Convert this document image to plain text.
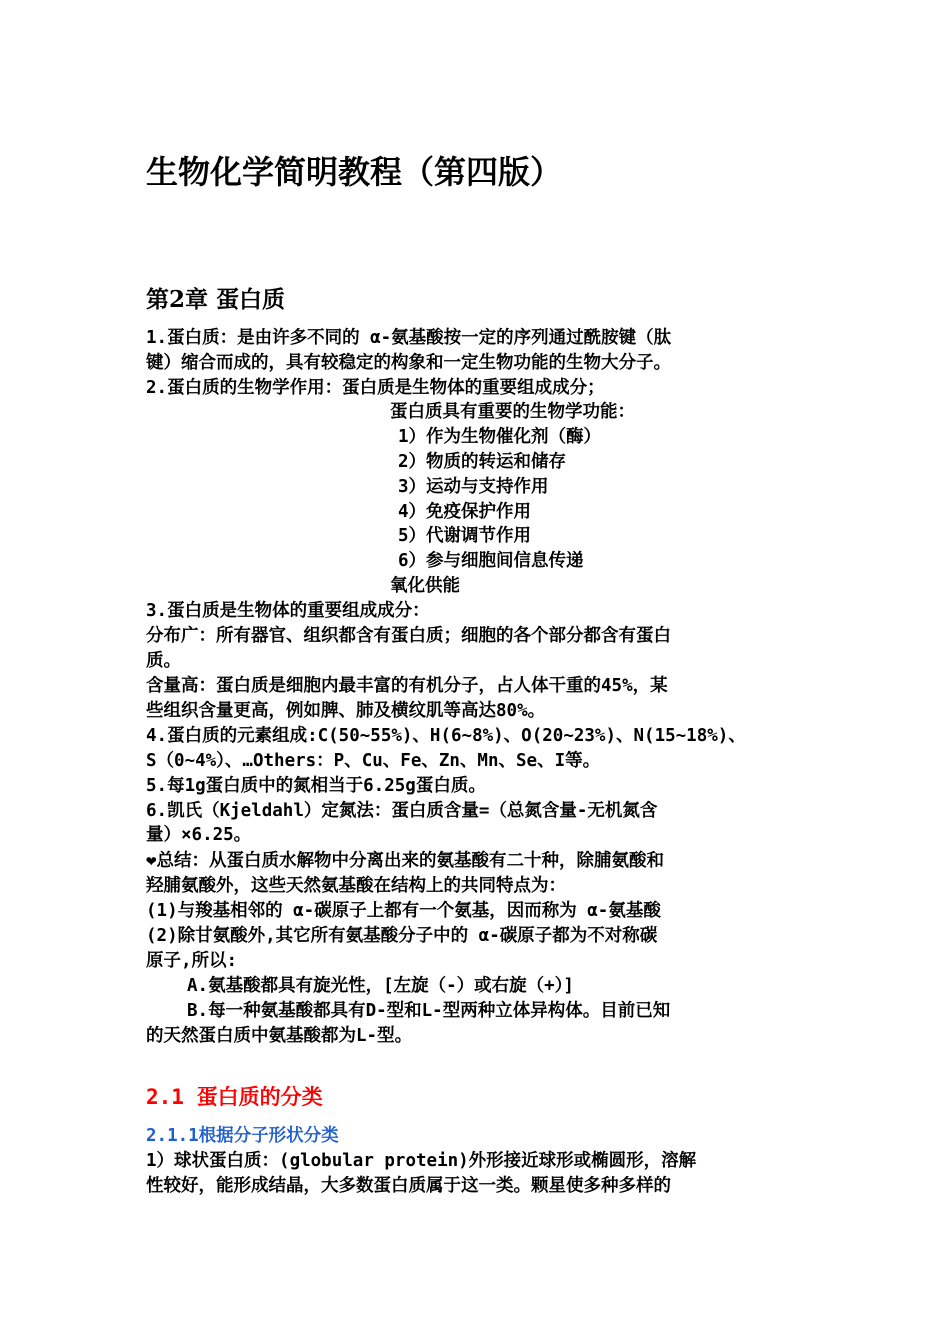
生物化学简明教程（第四版）
第2章 蛋白质

1.蛋白质：是由许多不同的 α-氨基酸按一定的序列通过酰胺键（肽

键）缩合而成的，具有较稳定的构象和一定生物功能的生物大分子。

2.蛋白质的生物学作用：蛋白质是生物体的重要组成成分；

蛋白质具有重要的生物学功能：

1）作为生物催化剂（酶）

2）物质的转运和储存

3）运动与支持作用

4）免疫保护作用

5）代谢调节作用

6）参与细胞间信息传递

氧化供能

3.蛋白质是生物体的重要组成成分：

分布广：所有器官、组织都含有蛋白质；细胞的各个部分都含有蛋白

质。

含量高：蛋白质是细胞内最丰富的有机分子，占人体干重的45%，某

些组织含量更高，例如脾、肺及横纹肌等高达80%。

4.蛋白质的元素组成:C(50~55%)、H(6~8%)、O(20~23%)、N(15~18%)、

S（0~4%）、…Others：P、Cu、Fe、Zn、Mn、Se、I等。

5.每1g蛋白质中的氮相当于6.25g蛋白质。

6.凯氏（Kjeldahl）定氮法：蛋白质含量=（总氮含量-无机氮含

量）×6.25。

❤总结：从蛋白质水解物中分离出来的氨基酸有二十种，除脯氨酸和

羟脯氨酸外，这些天然氨基酸在结构上的共同特点为：

(1)与羧基相邻的 α-碳原子上都有一个氨基，因而称为 α-氨基酸

(2)除甘氨酸外,其它所有氨基酸分子中的 α-碳原子都为不对称碳

原子,所以:

A.氨基酸都具有旋光性，[左旋（-）或右旋（+）]

B.每一种氨基酸都具有D-型和L-型两种立体异构体。目前已知

的天然蛋白质中氨基酸都为L-型。

2.1 蛋白质的分类
2.1.1根据分子形状分类

1）球状蛋白质：(globular protein)外形接近球形或椭圆形，溶解

性较好，能形成结晶，大多数蛋白质属于这一类。颗星使多种多样的
